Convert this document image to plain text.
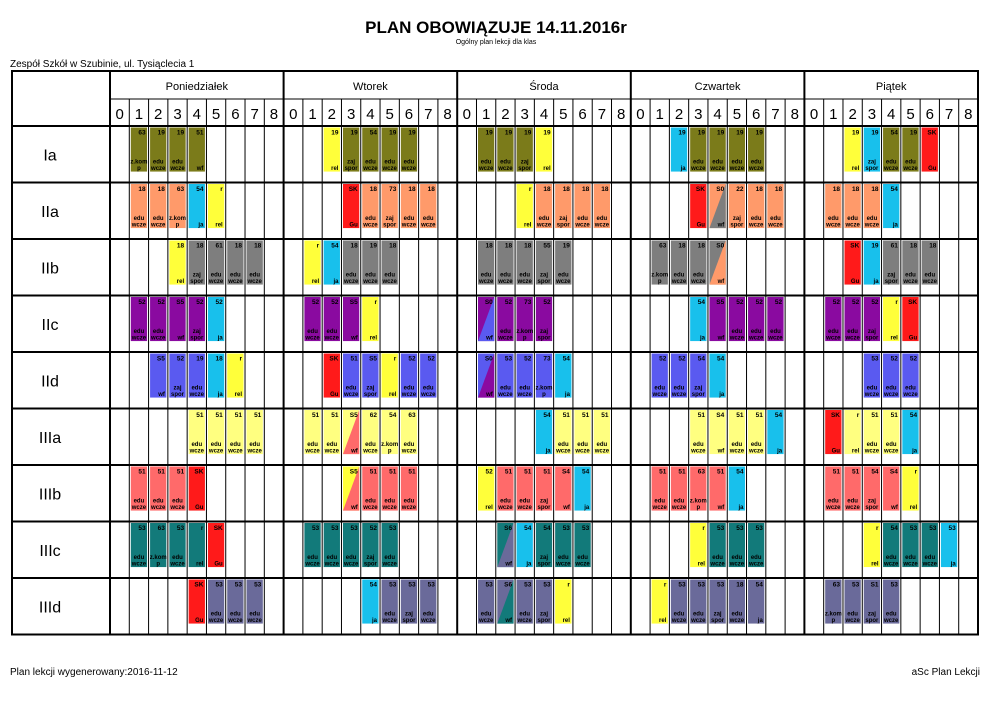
PLAN OBOWIĄZUJE 14.11.2016r
Ogólny plan lekcji dla klas
Zespół Szkół w Szubinie, ul. Tysiąclecia 1
63
z.kom
p
19
edu
wcze
19
edu
wcze
51
wf
19
rel
19
zaj
spor
54
edu
wcze
19
edu
wcze
19
edu
wcze
19
edu
wcze
19
edu
wcze
19
zaj
spor
19
rel
19
ja
19
edu
wcze
19
edu
wcze
19
edu
wcze
19
edu
wcze
19
rel
19
zaj
spor
54
edu
wcze
19
edu
wcze
SK
Gu
18
edu
wcze
18
edu
wcze
63
z.kom
p
54
ja
r
rel
SK
Gu
18
edu
wcze
73
zaj
spor
18
edu
wcze
18
edu
wcze
r
rel
18
edu
wcze
18
zaj
spor
18
edu
wcze
18
edu
wcze
SK
Gu
S0
wf
22
zaj
spor
18
edu
wcze
18
edu
wcze
18
edu
wcze
18
edu
wcze
18
edu
wcze
54
ja
18
rel
18
zaj
spor
61
edu
wcze
18
edu
wcze
18
edu
wcze
r
rel
54
ja
18
edu
wcze
19
edu
wcze
18
edu
wcze
18
edu
wcze
18
edu
wcze
18
edu
wcze
55
zaj
spor
19
edu
wcze
63
z.kom
p
18
edu
wcze
18
edu
wcze
S0
wf
SK
Gu
19
ja
61
zaj
spor
18
edu
wcze
18
edu
wcze
52
edu
wcze
52
edu
wcze
S5
wf
52
zaj
spor
52
ja
52
edu
wcze
52
edu
wcze
S5
wf
r
rel
S0
wf
52
edu
wcze
73
z.kom
p
52
zaj
spor
54
ja
S5
wf
52
edu
wcze
52
edu
wcze
52
edu
wcze
52
edu
wcze
52
edu
wcze
52
zaj
spor
r
rel
SK
Gu
S5
wf
52
zaj
spor
19
edu
wcze
18
ja
r
rel
SK
Gu
51
edu
wcze
S5
zaj
spor
r
rel
52
edu
wcze
52
edu
wcze
S0
wf
53
edu
wcze
52
edu
wcze
73
z.kom
p
54
ja
52
edu
wcze
52
edu
wcze
54
zaj
spor
54
ja
53
edu
wcze
52
edu
wcze
52
edu
wcze
51
edu
wcze
51
edu
wcze
51
edu
wcze
51
edu
wcze
51
edu
wcze
51
edu
wcze
S5
wf
62
edu
wcze
54
z.kom
p
63
edu
wcze
54
ja
51
edu
wcze
51
edu
wcze
51
edu
wcze
51
edu
wcze
S4
wf
51
edu
wcze
51
edu
wcze
54
ja
SK
Gu
r
rel
51
edu
wcze
51
edu
wcze
54
ja
51
edu
wcze
51
edu
wcze
51
edu
wcze
SK
Gu
S5
wf
51
edu
wcze
51
edu
wcze
51
edu
wcze
52
rel
51
edu
wcze
51
edu
wcze
51
zaj
spor
S4
wf
54
ja
51
edu
wcze
51
edu
wcze
63
z.kom
p
51
wf
54
ja
51
edu
wcze
51
edu
wcze
54
zaj
spor
S4
wf
r
rel
53
edu
wcze
63
z.kom
p
53
edu
wcze
r
rel
SK
Gu
53
edu
wcze
53
edu
wcze
53
edu
wcze
52
zaj
spor
53
edu
wcze
S6
wf
54
ja
54
zaj
spor
53
edu
wcze
53
edu
wcze
r
rel
53
edu
wcze
53
edu
wcze
53
edu
wcze
r
rel
54
edu
wcze
53
edu
wcze
53
edu
wcze
53
ja
SK
Gu
53
edu
wcze
53
edu
wcze
53
edu
wcze
54
ja
53
edu
wcze
53
zaj
spor
53
edu
wcze
53
edu
wcze
S6
wf
53
edu
wcze
53
zaj
spor
r
rel
r
rel
53
edu
wcze
53
edu
wcze
53
zaj
spor
18
edu
wcze
54
ja
63
z.kom
p
53
edu
wcze
S1
zaj
spor
53
edu
wcze
Ia
IIa
IIb
IIc
IId
IIIa
IIIb
IIIc
IIId
Poniedziałek
0 1 2 3 4 5 6 7 8
Wtorek
0 1 2 3 4 5 6 7 8
Środa
0 1 2 3 4 5 6 7 8
Czwartek
0 1 2 3 4 5 6 7 8
Piątek
0 1 2 3 4 5 6 7 8
Plan lekcji wygenerowany:2016-11-12	aSc Plan Lekcji
